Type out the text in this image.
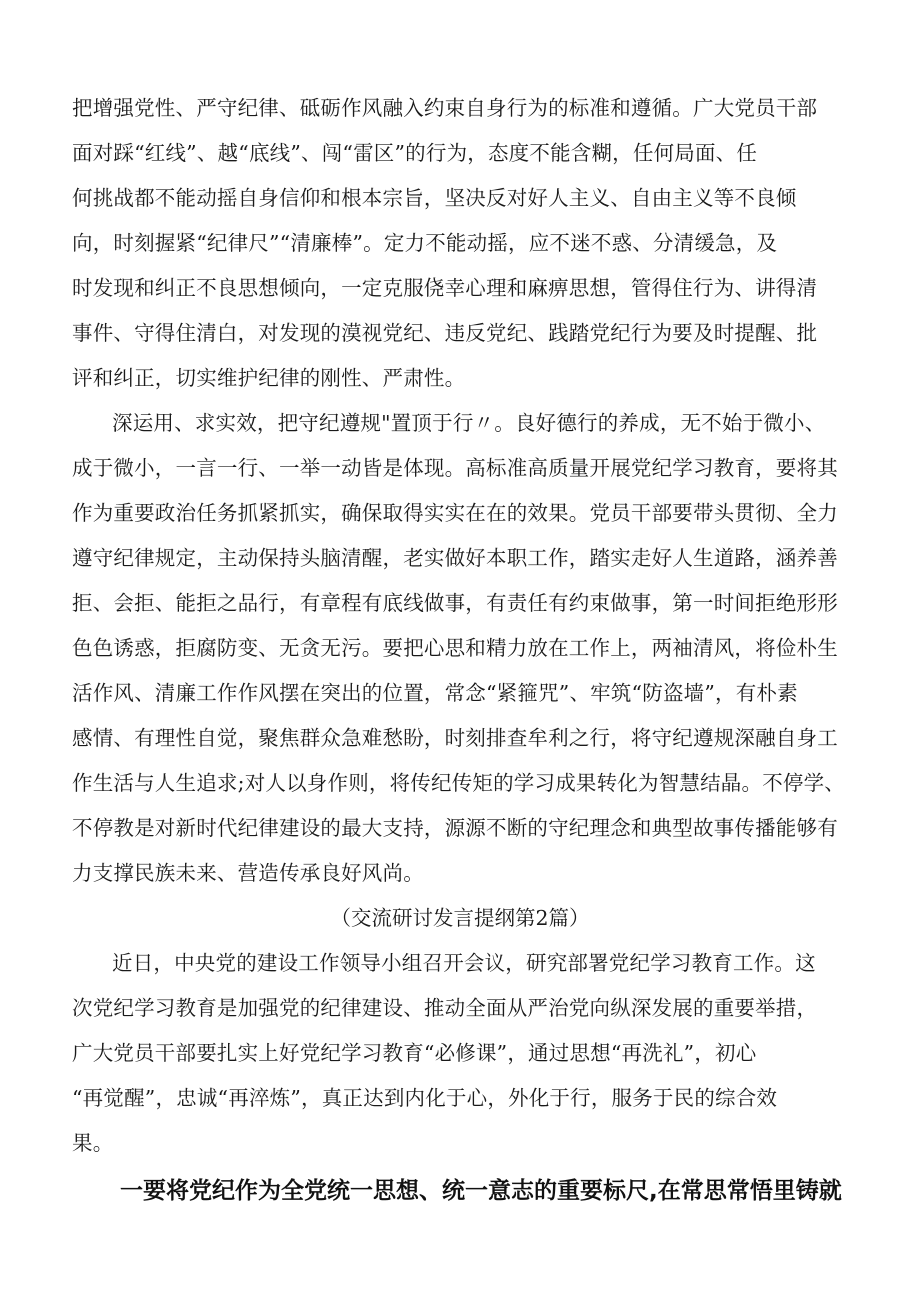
把增强党性、严守纪律、砥砺作风融入约束自身行为的标准和遵循。广大党员干部
面对踩“红线”、越“底线”、闯“雷区”的行为，态度不能含糊，任何局面、任
何挑战都不能动摇自身信仰和根本宗旨，坚决反对好人主义、自由主义等不良倾
向，时刻握紧“纪律尺”“清廉棒”。定力不能动摇，应不迷不惑、分清缓急，及
时发现和纠正不良思想倾向，一定克服侥幸心理和麻痹思想，管得住行为、讲得清
事件、守得住清白，对发现的漠视党纪、违反党纪、践踏党纪行为要及时提醒、批
评和纠正，切实维护纪律的刚性、严肃性。
深运用、求实效，把守纪遵规"置顶于行〃。良好德行的养成，无不始于微小、
成于微小，一言一行、一举一动皆是体现。高标准高质量开展党纪学习教育，要将其
作为重要政治任务抓紧抓实，确保取得实实在在的效果。党员干部要带头贯彻、全力
遵守纪律规定，主动保持头脑清醒，老实做好本职工作，踏实走好人生道路，涵养善
拒、会拒、能拒之品行，有章程有底线做事，有责任有约束做事，第一时间拒绝形形
色色诱惑，拒腐防变、无贪无污。要把心思和精力放在工作上，两袖清风，将俭朴生
活作风、清廉工作作风摆在突出的位置，常念“紧箍咒”、牢筑“防盗墙”，有朴素
感情、有理性自觉，聚焦群众急难愁盼，时刻排查牟利之行，将守纪遵规深融自身工
作生活与人生追求;对人以身作则，将传纪传矩的学习成果转化为智慧结晶。不停学、
不停教是对新时代纪律建设的最大支持，源源不断的守纪理念和典型故事传播能够有
力支撑民族未来、营造传承良好风尚。
（交流研讨发言提纲第2篇）
近日，中央党的建设工作领导小组召开会议，研究部署党纪学习教育工作。这
次党纪学习教育是加强党的纪律建设、推动全面从严治党向纵深发展的重要举措，
广大党员干部要扎实上好党纪学习教育“必修课”，通过思想“再洗礼”，初心
“再觉醒”，忠诚“再淬炼”，真正达到内化于心，外化于行，服务于民的综合效
果。
一要将党纪作为全党统一思想、统一意志的重要标尺,在常思常悟里铸就
